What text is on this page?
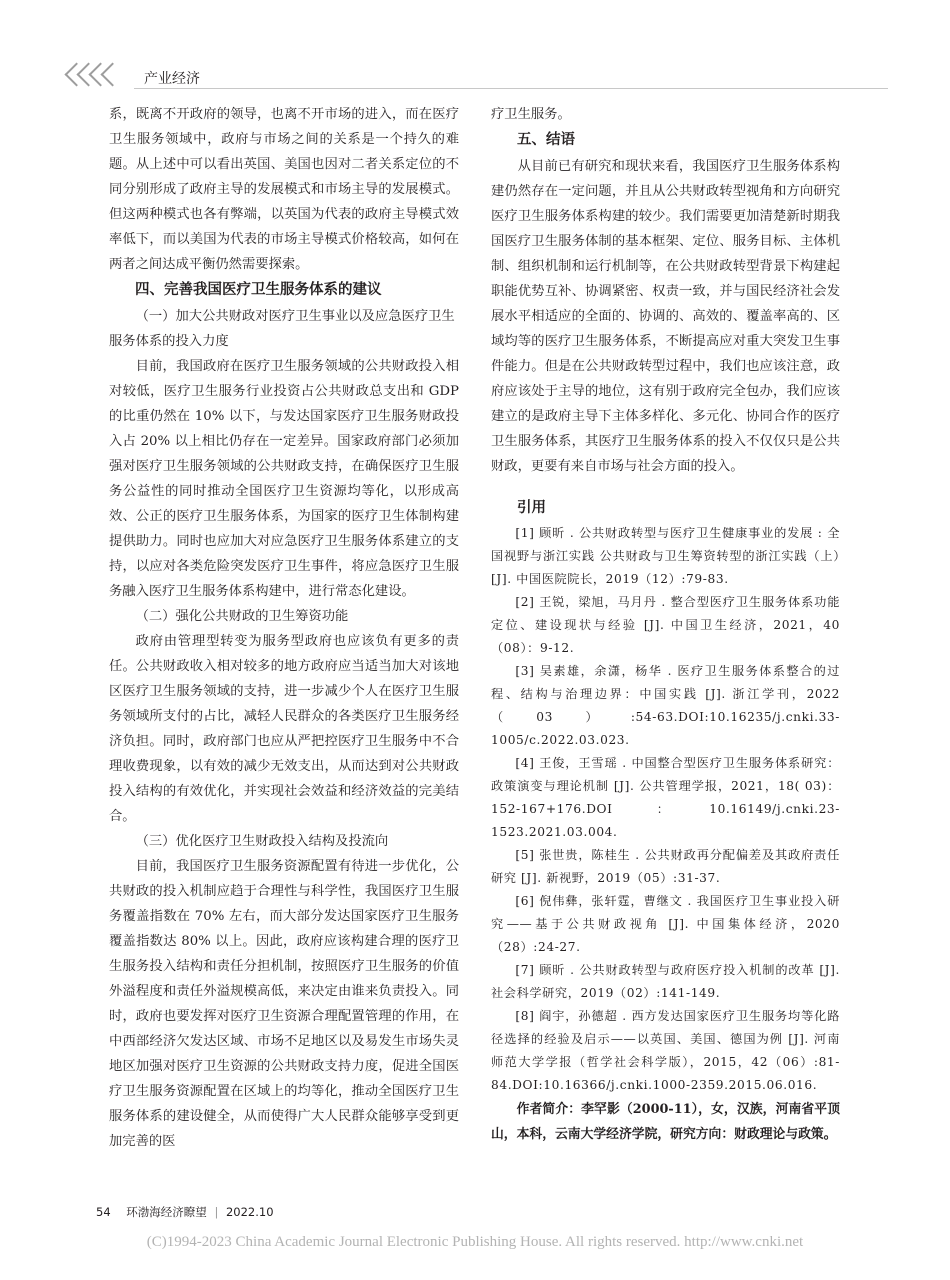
产业经济

系，既离不开政府的领导，也离不开市场的进入，而在医疗卫生服务领域中，政府与市场之间的关系是一个持久的难题。从上述中可以看出英国、美国也因对二者关系定位的不同分别形成了政府主导的发展模式和市场主导的发展模式。但这两种模式也各有弊端，以英国为代表的政府主导模式效率低下，而以美国为代表的市场主导模式价格较高，如何在两者之间达成平衡仍然需要探索。

四、完善我国医疗卫生服务体系的建议
（一）加大公共财政对医疗卫生事业以及应急医疗卫生服务体系的投入力度

目前，我国政府在医疗卫生服务领域的公共财政投入相对较低，医疗卫生服务行业投资占公共财政总支出和 GDP 的比重仍然在 10% 以下，与发达国家医疗卫生服务财政投入占 20% 以上相比仍存在一定差异。国家政府部门必须加强对医疗卫生服务领域的公共财政支持，在确保医疗卫生服务公益性的同时推动全国医疗卫生资源均等化，以形成高效、公正的医疗卫生服务体系，为国家的医疗卫生体制构建提供助力。同时也应加大对应急医疗卫生服务体系建立的支持，以应对各类危险突发医疗卫生事件，将应急医疗卫生服务融入医疗卫生服务体系构建中，进行常态化建设。

（二）强化公共财政的卫生筹资功能

政府由管理型转变为服务型政府也应该负有更多的责任。公共财政收入相对较多的地方政府应当适当加大对该地区医疗卫生服务领域的支持，进一步减少个人在医疗卫生服务领域所支付的占比，减轻人民群众的各类医疗卫生服务经济负担。同时，政府部门也应从严把控医疗卫生服务中不合理收费现象，以有效的减少无效支出，从而达到对公共财政投入结构的有效优化，并实现社会效益和经济效益的完美结合。

（三）优化医疗卫生财政投入结构及投流向

目前，我国医疗卫生服务资源配置有待进一步优化，公共财政的投入机制应趋于合理性与科学性，我国医疗卫生服务覆盖指数在 70% 左右，而大部分发达国家医疗卫生服务覆盖指数达 80% 以上。因此，政府应该构建合理的医疗卫生服务投入结构和责任分担机制，按照医疗卫生服务的价值外溢程度和责任外溢规模高低，来决定由谁来负责投入。同时，政府也要发挥对医疗卫生资源合理配置管理的作用，在中西部经济欠发达区域、市场不足地区以及易发生市场失灵地区加强对医疗卫生资源的公共财政支持力度，促进全国医疗卫生服务资源配置在区域上的均等化，推动全国医疗卫生服务体系的建设健全，从而使得广大人民群众能够享受到更加完善的医

疗卫生服务。

五、结语

从目前已有研究和现状来看，我国医疗卫生服务体系构建仍然存在一定问题，并且从公共财政转型视角和方向研究医疗卫生服务体系构建的较少。我们需要更加清楚新时期我国医疗卫生服务体制的基本框架、定位、服务目标、主体机制、组织机制和运行机制等，在公共财政转型背景下构建起职能优势互补、协调紧密、权责一致，并与国民经济社会发展水平相适应的全面的、协调的、高效的、覆盖率高的、区域均等的医疗卫生服务体系，不断提高应对重大突发卫生事件能力。但是在公共财政转型过程中，我们也应该注意，政府应该处于主导的地位，这有别于政府完全包办，我们应该建立的是政府主导下主体多样化、多元化、协同合作的医疗卫生服务体系，其医疗卫生服务体系的投入不仅仅只是公共财政，更要有来自市场与社会方面的投入。

引用

[1] 顾昕 . 公共财政转型与医疗卫生健康事业的发展 : 全国视野与浙江实践 公共财政与卫生筹资转型的浙江实践（上）[J]. 中国医院院长，2019（12）:79-83.

[2] 王锐，梁旭，马月丹 . 整合型医疗卫生服务体系功能定位、建设现状与经验 [J]. 中国卫生经济，2021，40（08）：9-12.

[3] 吴素雄，余潇，杨华 . 医疗卫生服务体系整合的过程、结构与治理边界：中国实践 [J]. 浙江学刊，2022（03）:54-63.DOI:10.16235/j.cnki.33-1005/c.2022.03.023.

[4] 王俊，王雪瑶 . 中国整合型医疗卫生服务体系研究：政策演变与理论机制 [J]. 公共管理学报，2021，18( 03)：152-167+176.DOI ：10.16149/j.cnki.23-1523.2021.03.004.

[5] 张世贵，陈桂生 . 公共财政再分配偏差及其政府责任研究 [J]. 新视野，2019（05）:31-37.

[6] 倪伟彝，张轩霆，曹继文 . 我国医疗卫生事业投入研究——基于公共财政视角 [J]. 中国集体经济，2020（28）:24-27.

[7] 顾昕 . 公共财政转型与政府医疗投入机制的改革 [J]. 社会科学研究，2019（02）:141-149.

[8] 阎宇，孙德超 . 西方发达国家医疗卫生服务均等化路径选择的经验及启示——以英国、美国、德国为例 [J]. 河南师范大学学报（哲学社会科学版），2015，42（06）:81-84.DOI:10.16366/j.cnki.1000-2359.2015.06.016.

作者简介：李罕影（2000-11），女，汉族，河南省平顶山，本科，云南大学经济学院，研究方向：财政理论与政策。

54 环渤海经济瞭望 | 2022.10
(C)1994-2023 China Academic Journal Electronic Publishing House. All rights reserved. http://www.cnki.net
